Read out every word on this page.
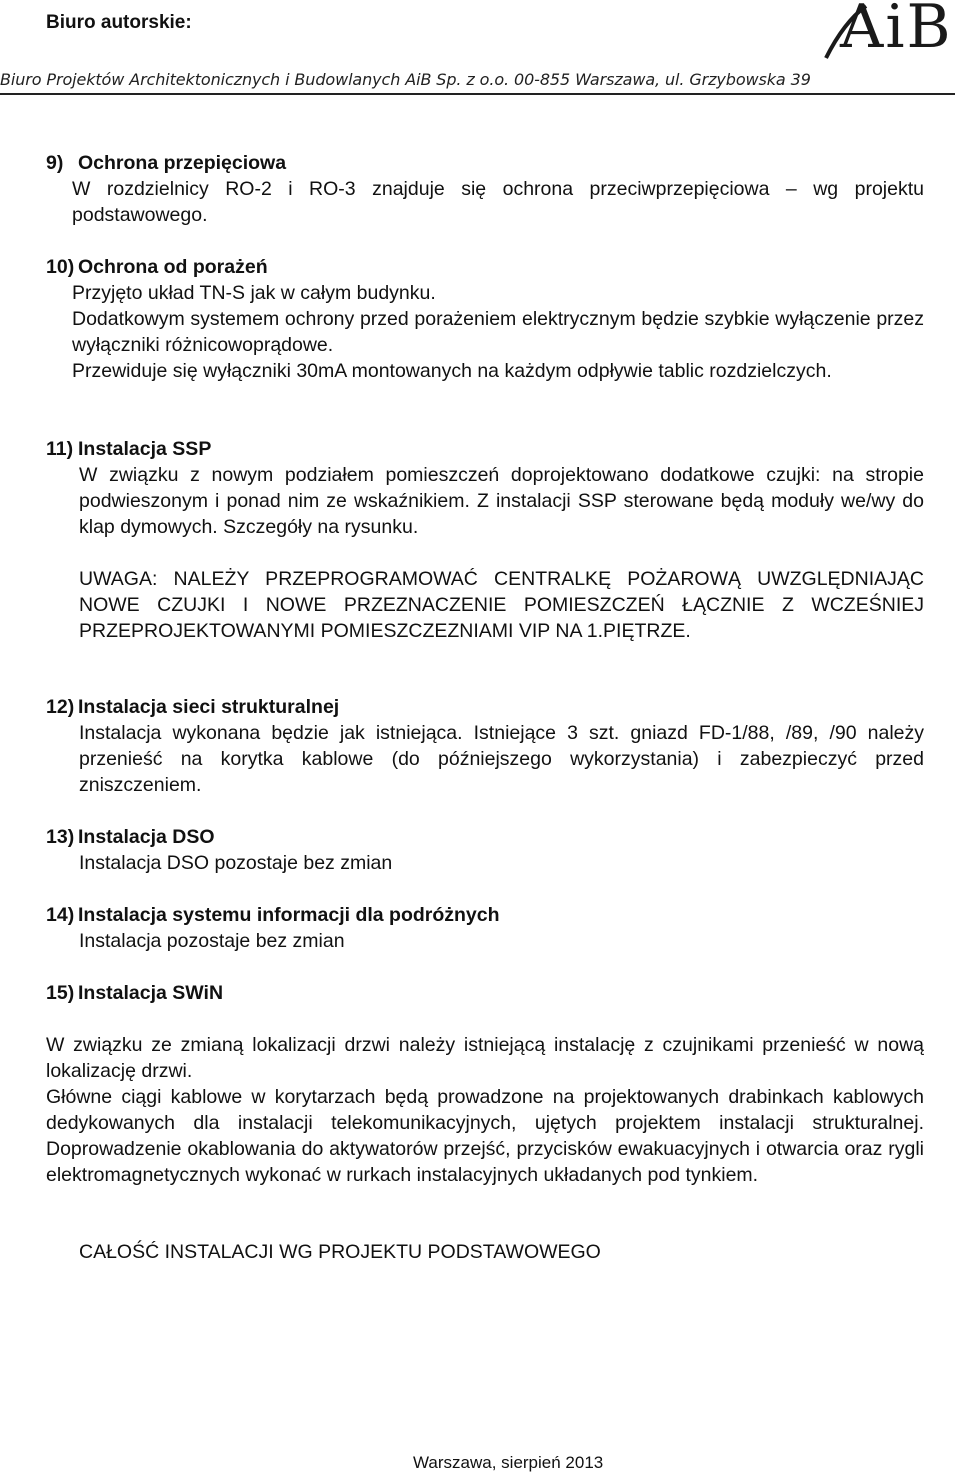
Biuro autorskie:	AiB
Biuro Projektów Architektonicznych i Budowlanych AiB Sp. z o.o. 00-855 Warszawa, ul. Grzybowska 39
9) Ochrona przepięciowa
W rozdzielnicy RO-2 i RO-3 znajduje się ochrona przeciwprzepięciowa – wg projektu podstawowego.
10) Ochrona od porażeń
Przyjęto układ TN-S jak w całym budynku.
Dodatkowym systemem ochrony przed porażeniem elektrycznym będzie szybkie wyłączenie przez wyłączniki różnicowoprądowe.
Przewiduje się wyłączniki 30mA montowanych na każdym odpływie tablic rozdzielczych.
11) Instalacja SSP
W związku z nowym podziałem pomieszczeń doprojektowano dodatkowe czujki: na stropie podwieszonym i ponad nim ze wskaźnikiem. Z instalacji SSP sterowane będą moduły we/wy do klap dymowych. Szczegóły na rysunku.
UWAGA: NALEŻY PRZEPROGRAMOWAĆ CENTRALKĘ POŻAROWĄ UWZGLĘDNIAJĄC NOWE CZUJKI I NOWE PRZEZNACZENIE POMIESZCZEŃ ŁĄCZNIE Z WCZEŚNIEJ PRZEPROJEKTOWANYMI POMIESZCZEZNIAMI VIP NA 1.PIĘTRZE.
12) Instalacja sieci strukturalnej
Instalacja wykonana będzie jak istniejąca. Istniejące 3 szt. gniazd FD-1/88, /89, /90 należy przenieść na korytka kablowe (do późniejszego wykorzystania) i zabezpieczyć przed zniszczeniem.
13) Instalacja DSO
Instalacja DSO pozostaje bez zmian
14) Instalacja systemu informacji dla podróżnych
Instalacja pozostaje bez zmian
15) Instalacja SWiN
W związku ze zmianą lokalizacji drzwi należy istniejącą instalację z czujnikami przenieść w nową lokalizację drzwi.
Główne ciągi kablowe w korytarzach będą prowadzone na projektowanych drabinkach kablowych dedykowanych dla instalacji telekomunikacyjnych, ujętych projektem instalacji strukturalnej. Doprowadzenie okablowania do aktywatorów przejść, przycisków ewakuacyjnych i otwarcia oraz rygli elektromagnetycznych wykonać w rurkach instalacyjnych układanych pod tynkiem.
CAŁOŚĆ INSTALACJI WG PROJEKTU PODSTAWOWEGO
Warszawa, sierpień 2013
